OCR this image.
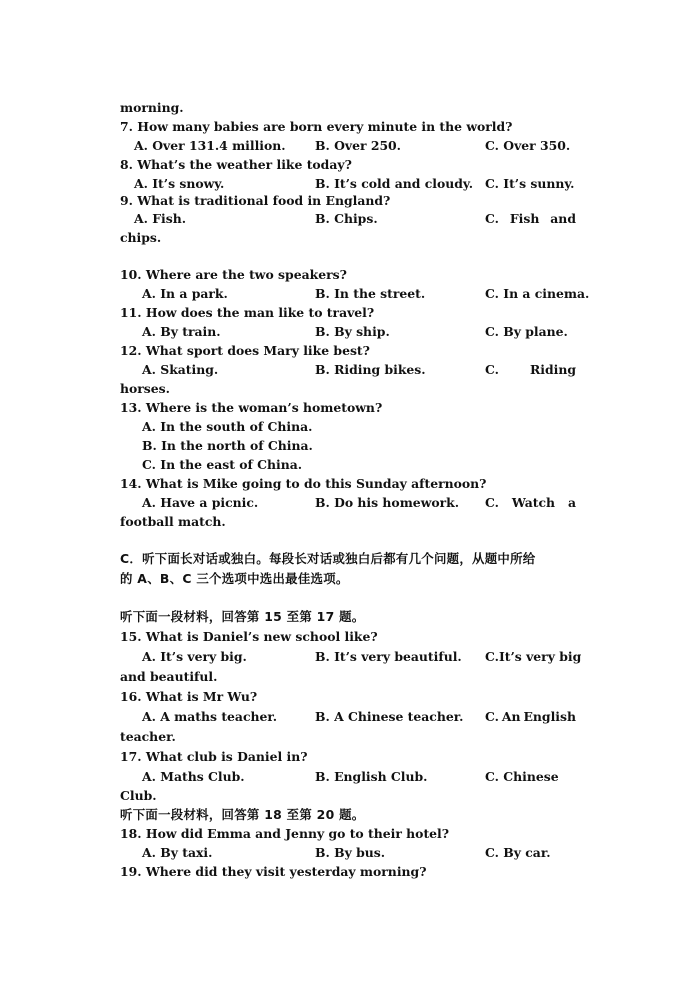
morning.
7. How many babies are born every minute in the world?
A. Over 131.4 million. B. Over 250.	C. Over 350.
8. What’s the weather like today?
A. It’s snowy.	B. It’s cold and cloudy. C. It’s sunny.
9. What is traditional food in England?
A. Fish.	B. Chips.	C. Fish and
chips.
10. Where are the two speakers?
A. In a park.	B. In the street.	C. In a cinema.
11. How does the man like to travel?
A. By train.	B. By ship.	C. By plane.
12. What sport does Mary like best?
A. Skating.	B. Riding bikes.	C. Riding
horses.
13. Where is the woman’s hometown?
A. In the south of China.
B. In the north of China.
C. In the east of China.
14. What is Mike going to do this Sunday afternoon?
A. Have a picnic.	B. Do his homework. C. Watch a
football match.
C．听下面长对话或独白。每段长对话或独白后都有几个问题，从题中所给
的 A、B、C 三个选项中选出最佳选项。
听下面一段材料，回答第 15 至第 17 题。
15. What is Daniel’s new school like?
A. It’s very big.	B. It’s very beautiful. C. It’s very big
and beautiful.
16. What is Mr Wu?
A. A maths teacher.	B. A Chinese teacher. C. An English
teacher.
17. What club is Daniel in?
A. Maths Club.	B. English Club.	C. Chinese
Club.
听下面一段材料，回答第 18 至第 20 题。
18. How did Emma and Jenny go to their hotel?
A. By taxi.	B. By bus.	C. By car.
19. Where did they visit yesterday morning?
